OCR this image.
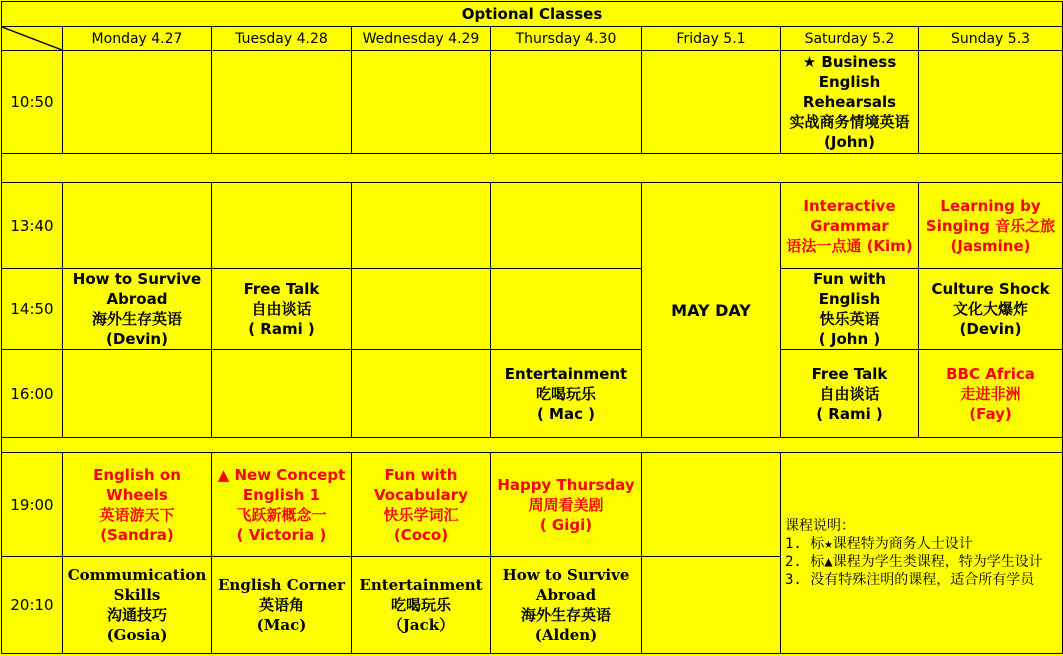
Optional Classes							

	Monday 4.27	Tuesday 4.28	Wednesday 4.29	Thursday 4.30	Friday 5.1	Saturday 5.2	Sunday 5.3
10:50						★ Business English Rehearsals
实战商务情境英语
(John)	

13:40					MAY DAY	Interactive Grammar
语法一点通 (Kim)	Learning by Singing 音乐之旅
(Jasmine)

14:50	How to Survive Abroad
海外生存英语
(Devin)	Free Talk
自由谈话
( Rami )				Fun with English
快乐英语
( John )	Culture Shock
文化大爆炸
(Devin)

16:00				Entertainment
吃喝玩乐
( Mac )		Free Talk
自由谈话
( Rami )	BBC Africa
走进非洲
(Fay)

19:00	English on Wheels
英语游天下
(Sandra)	▲ New Concept English 1
飞跃新概念一
( Victoria )	Fun with Vocabulary
快乐学词汇
(Coco)	Happy Thursday
周周看美剧
( Gigi)		课程说明：
1. 标★课程特为商务人士设计
2. 标▲课程为学生类课程，特为学生设计
3. 没有特殊注明的课程，适合所有学员	

20:10	Commumication Skills
沟通技巧
(Gosia)	English Corner
英语角
(Mac)	Entertainment
吃喝玩乐
（Jack）	How to Survive Abroad
海外生存英语
(Alden)			
